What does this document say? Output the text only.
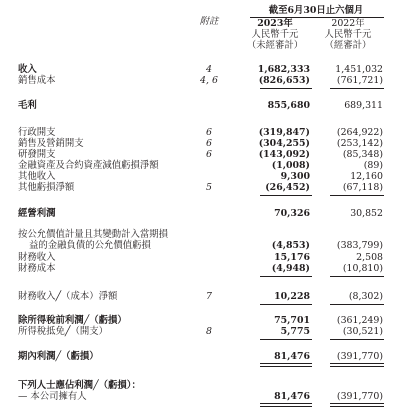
附註
截至6月30日止六個月
2023年
人民幣千元
（未經審計）
2022年
人民幣千元
（經審計）
收入	4	1,682,333	1,451,032
銷售成本	4, 6	(826,653)	(761,721)
毛利	855,680	689,311
行政開支	6	(319,847)	(264,922)
銷售及營銷開支	6	(304,255)	(253,142)
研發開支	6	(143,092)	(85,348)
金融資產及合約資產減值虧損淨額	(1,008)	(89)
其他收入	9,300	12,160
其他虧損淨額	5	(26,452)	(67,118)
經營利潤	70,326	30,852
按公允價值計量且其變動計入當期損
益的金融負債的公允價值虧損	(4,853)	(383,799)
財務收入	15,176	2,508
財務成本	(4,948)	(10,810)
財務收入╱（成本）淨額	7	10,228	(8,302)
除所得稅前利潤╱（虧損）	75,701	(361,249)
所得稅抵免╱（開支）	8	5,775	(30,521)
期內利潤╱（虧損）	81,476	(391,770)
下列人士應佔利潤╱（虧損）：
— 本公司擁有人	81,476	(391,770)
